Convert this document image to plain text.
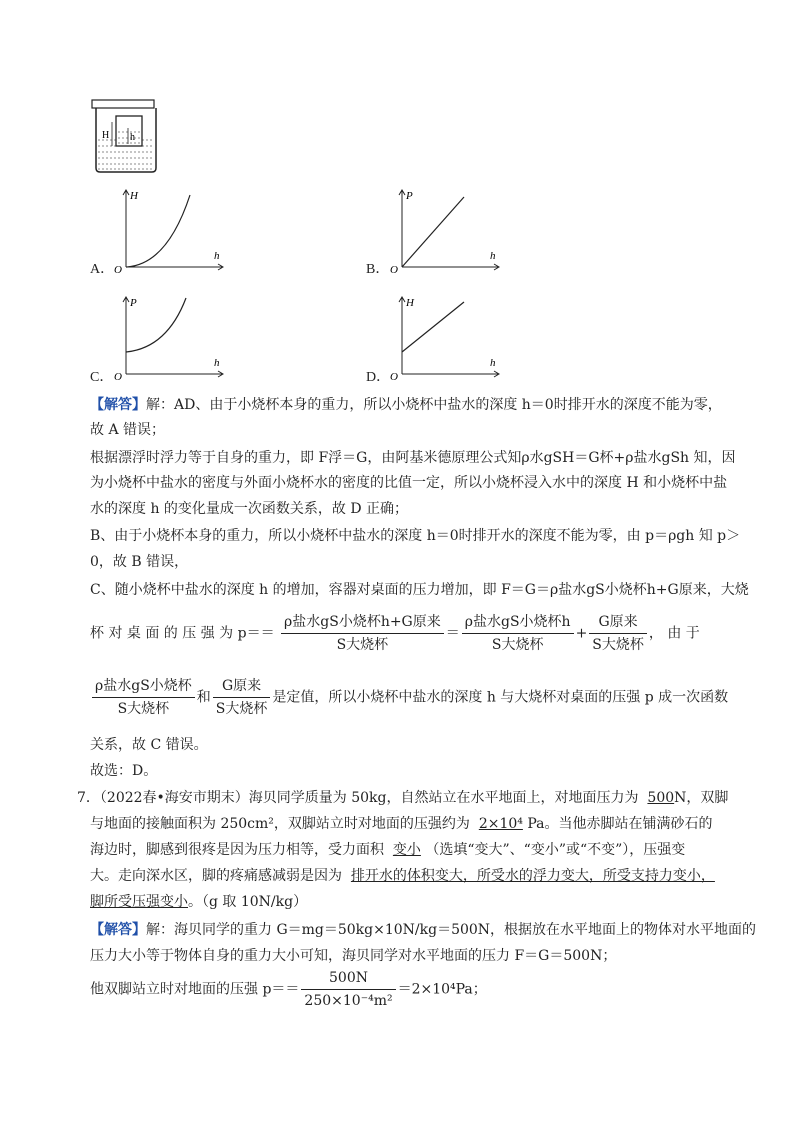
H h
A．
H
h
O	B．
P
h
O
C．
P
h
O	D．
H
h
O
【解答】解：AD、由于小烧杯本身的重力，所以小烧杯中盐水的深度 h＝0时排开水的深度不能为零，
故 A 错误；
根据漂浮时浮力等于自身的重力，即 F浮＝G，由阿基米德原理公式知ρ水gSH＝G杯+ρ盐水gSh 知，因
为小烧杯中盐水的密度与外面小烧杯水的密度的比值一定，所以小烧杯浸入水中的深度 H 和小烧杯中盐
水的深度 h 的变化量成一次函数关系，故 D 正确；
B、由于小烧杯本身的重力，所以小烧杯中盐水的深度 h＝0时排开水的深度不能为零，由 p＝ρgh 知 p＞
0，故 B 错误，
C、随小烧杯中盐水的深度 h 的增加，容器对桌面的压力增加，即 F＝G＝ρ盐水gS小烧杯h+G原来，大烧
杯 对 桌 面 的 压 强 为 $p== \frac{\text{ρ盐水gS小烧杯h+G原来}}{\text{S大烧杯}} = \frac{\text{ρ盐水gS小烧杯h}}{\text{S大烧杯}} + \frac{\text{G原来}}{\text{S大烧杯}}$ ， 由 于
$\frac{\text{ρ盐水gS小烧杯}}{\text{S大烧杯}}$ 和 $\frac{\text{G原来}}{\text{S大烧杯}}$ 是定值，所以小烧杯中盐水的深度 h 与大烧杯对桌面的压强 p 成一次函数
关系，故 C 错误。
故选：D。
7．（2022春•海安市期末）海贝同学质量为 50kg，自然站立在水平地面上，对地面压力为 500N，双脚
与地面的接触面积为 250cm²，双脚站立时对地面的压强约为 2×10⁴ Pa。当他赤脚站在铺满砂石的
海边时，脚感到很疼是因为压力相等，受力面积 变小 （选填“变大”、“变小”或“不变”），压强变
大。走向深水区，脚的疼痛感减弱是因为 排开水的体积变大，所受水的浮力变大，所受支持力变小，
脚所受压强变小。（g 取 10N/kg）
【解答】解：海贝同学的重力 G＝mg＝50kg×10N/kg＝500N，根据放在水平地面上的物体对水平地面的
压力大小等于物体自身的重力大小可知，海贝同学对水平地面的压力 F＝G＝500N；
他双脚站立时对地面的压强 $p== \frac{500N}{\text{250×10⁻⁴m²}} =2\times 10^4Pa$；
